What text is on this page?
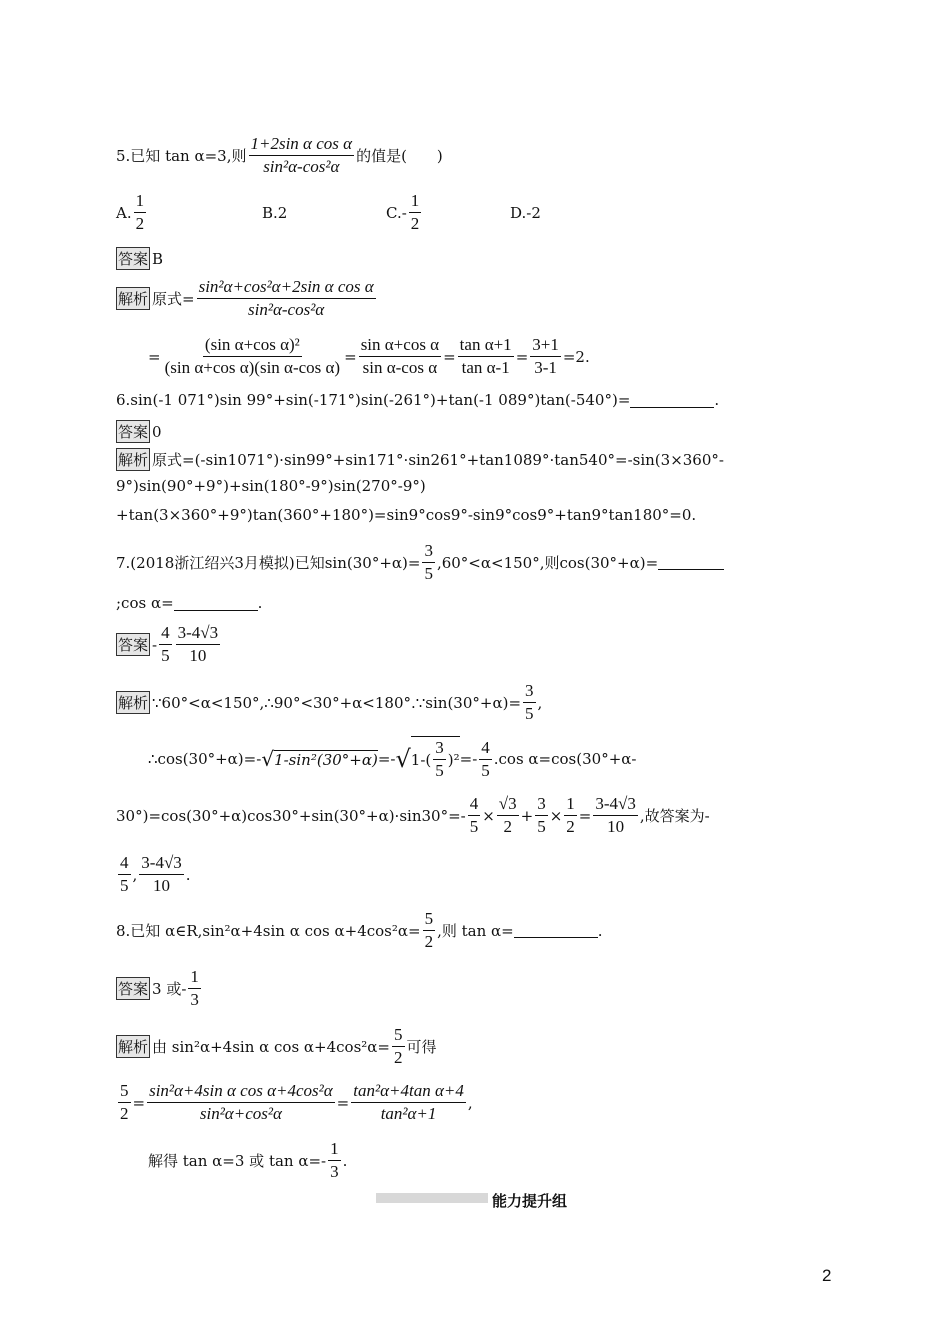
5.已知 tan α=3,则 $\frac{\text{1+2sin α cos α}}{\text{sin²α-cos²α}}$ 的值是(　　)
A. $\frac{1}{2}$	B.2	$C.- \frac{1}{2}$	D.-2
答案 B
解析 原式= $\frac{\text{sin²α+cos²α+2sin α cos α}}{\text{sin²α-cos²α}}$
= $\frac{\text{(sin α+cos α)²}}{\text{(sin α+cos α)(sin α-cos α)}} = \frac{\text{sin α+cos α}}{\text{sin α-cos α}} = \frac{\text{tan α+1}}{\text{tan α-1}} = \frac{3+1}{3-1} =2$.
6.sin(-1 071°)sin 99°+sin(-171°)sin(-261°)+tan(-1 089°)tan(-540°)=	.
答案 0
解析 原式=(-sin1071°)·sin99°+sin171°·sin261°+tan1089°·tan540°=-sin(3×360°-
9°)sin(90°+9°)+sin(180°-9°)sin(270°-9°)
+tan(3×360°+9°)tan(360°+180°)=sin9°cos9°-sin9°cos9°+tan9°tan180°=0.
7.(2018浙江绍兴3月模拟)已知$\sin(30^\circ+\alpha)= \frac{3}{5} ,60^\circ<\alpha<150^\circ$,则cos(30°+α)=
;cos α=	.
答案 - $\frac{4}{5} \frac{3-4√3}{10}$
解析 ∵60°<α<150°,∴90°<30°+α<180°.∵sin(30°+α)= $\frac{3}{5}$ ,
∴cos(30°+α)=- √ 1-sin²(30°+α) =- √ $1-( \frac{3}{5} )^2 =- \frac{4}{5} .\cos$ α=cos(30°+α-
$30^\circ)=\cos(30^\circ+\alpha)\cos 30^\circ+\sin(30^\circ+\alpha)\cdot\sin 30^\circ=- \frac{4}{5} \times \frac{√3}{2} + \frac{3}{5} \times \frac{1}{2} = \frac{3-4√3}{10}$ ,故答案为-
$\frac{4}{5}$ , $\frac{3-4√3}{10}$ .
8.已知 α∈R,sin²α+4sin α $\cos \alpha+4\cos^2\alpha= \frac{5}{2}$ ,则 tan α=	.
答案 3 或- $\frac{1}{3}$
解析 由 sin²α+4sin α $\cos \alpha+4\cos^2\alpha= \frac{5}{2}$ 可得
$\frac{5}{2} = \frac{\text{sin²α+4sin α cos α+4cos²α}}{\text{sin²α+cos²α}} = \frac{\text{tan²α+4tan α+4}}{\text{tan²α+1}}$ ,
解得 tan α=3 或 $\tan \alpha=- \frac{1}{3}$ .
能力提升组
2
